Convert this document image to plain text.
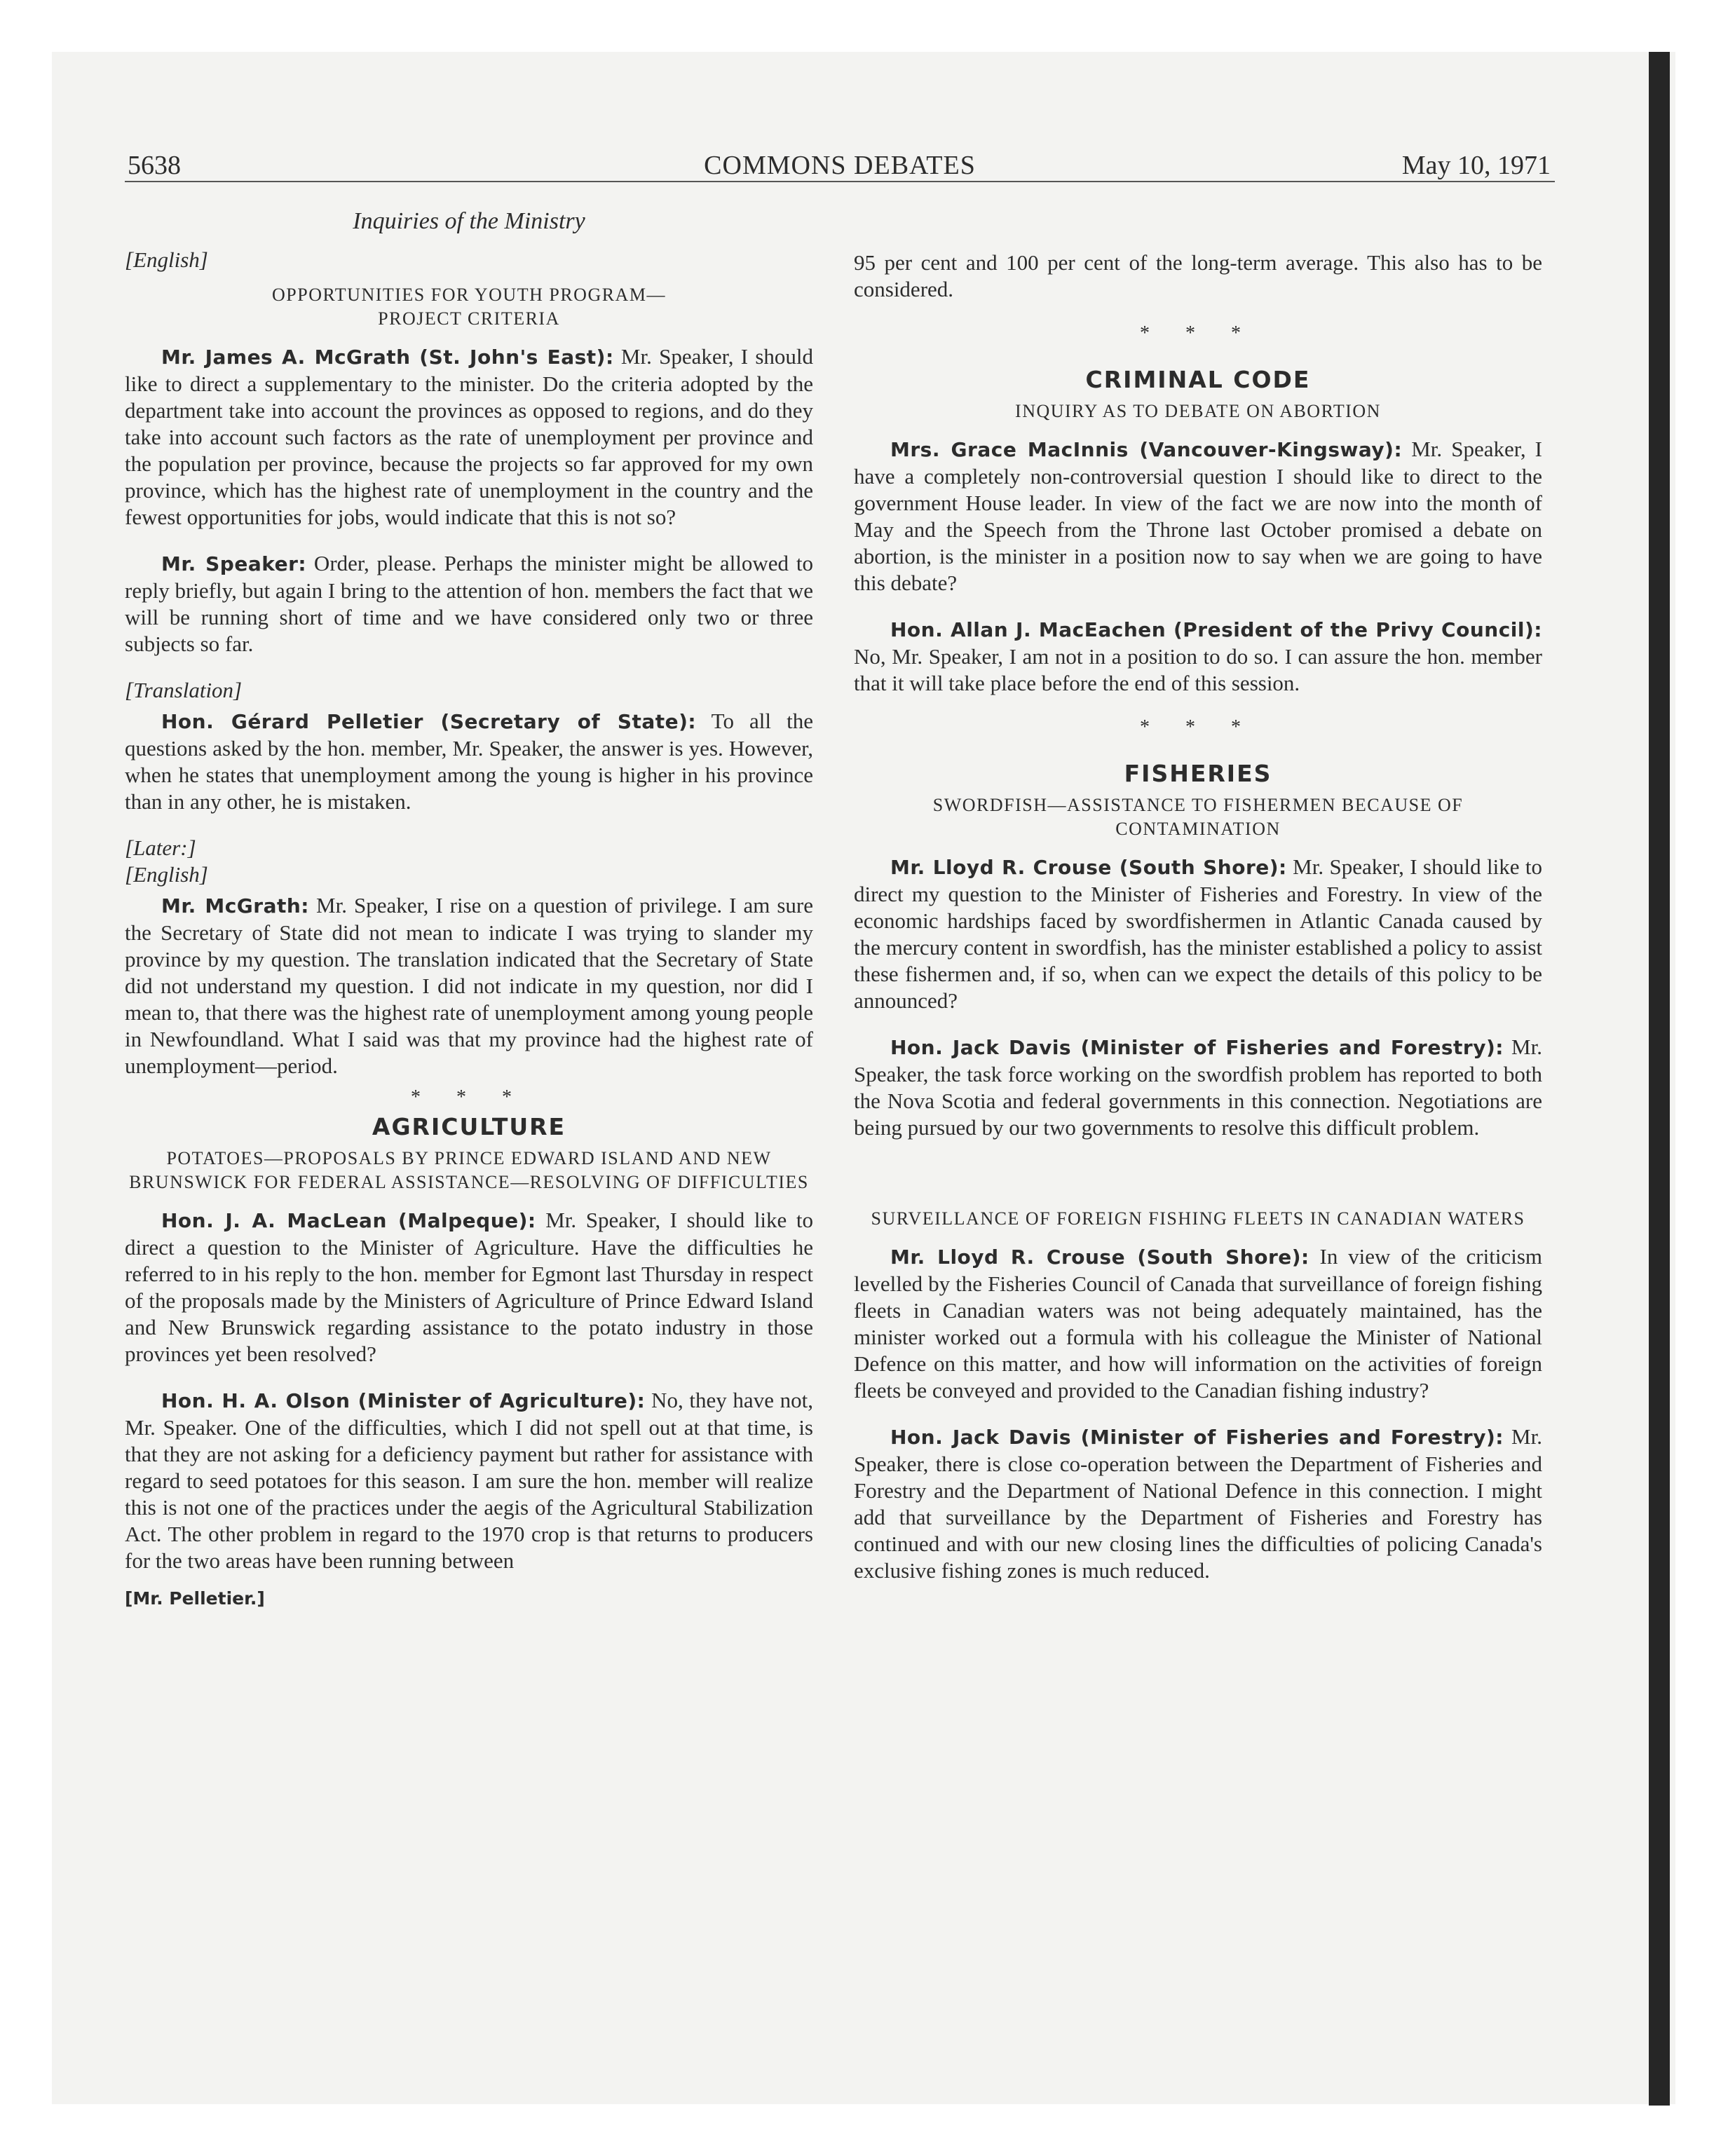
5638	COMMONS DEBATES	May 10, 1971
Inquiries of the Ministry
[English]
OPPORTUNITIES FOR YOUTH PROGRAM—
PROJECT CRITERIA

Mr. James A. McGrath (St. John's East): Mr. Speaker, I should like to direct a supplementary to the minister. Do the criteria adopted by the department take into account the provinces as opposed to regions, and do they take into account such factors as the rate of unemployment per province and the population per province, because the projects so far approved for my own province, which has the highest rate of unemployment in the country and the fewest opportunities for jobs, would indicate that this is not so?

Mr. Speaker: Order, please. Perhaps the minister might be allowed to reply briefly, but again I bring to the attention of hon. members the fact that we will be running short of time and we have considered only two or three subjects so far.

[Translation]

Hon. Gérard Pelletier (Secretary of State): To all the questions asked by the hon. member, Mr. Speaker, the answer is yes. However, when he states that unemployment among the young is higher in his province than in any other, he is mistaken.

[Later:]
[English]

Mr. McGrath: Mr. Speaker, I rise on a question of privilege. I am sure the Secretary of State did not mean to indicate I was trying to slander my province by my question. The translation indicated that the Secretary of State did not understand my question. I did not indicate in my question, nor did I mean to, that there was the highest rate of unemployment among young people in Newfoundland. What I said was that my province had the highest rate of unemployment—period.

* * *
AGRICULTURE
POTATOES—PROPOSALS BY PRINCE EDWARD ISLAND AND NEW BRUNSWICK FOR FEDERAL ASSISTANCE—RESOLVING OF DIFFICULTIES

Hon. J. A. MacLean (Malpeque): Mr. Speaker, I should like to direct a question to the Minister of Agriculture. Have the difficulties he referred to in his reply to the hon. member for Egmont last Thursday in respect of the proposals made by the Ministers of Agriculture of Prince Edward Island and New Brunswick regarding assistance to the potato industry in those provinces yet been resolved?

Hon. H. A. Olson (Minister of Agriculture): No, they have not, Mr. Speaker. One of the difficulties, which I did not spell out at that time, is that they are not asking for a deficiency payment but rather for assistance with regard to seed potatoes for this season. I am sure the hon. member will realize this is not one of the practices under the aegis of the Agricultural Stabilization Act. The other problem in regard to the 1970 crop is that returns to producers for the two areas have been running between

[Mr. Pelletier.]

95 per cent and 100 per cent of the long-term average. This also has to be considered.

* * *
CRIMINAL CODE
INQUIRY AS TO DEBATE ON ABORTION

Mrs. Grace MacInnis (Vancouver-Kingsway): Mr. Speaker, I have a completely non-controversial question I should like to direct to the government House leader. In view of the fact we are now into the month of May and the Speech from the Throne last October promised a debate on abortion, is the minister in a position now to say when we are going to have this debate?

Hon. Allan J. MacEachen (President of the Privy Council): No, Mr. Speaker, I am not in a position to do so. I can assure the hon. member that it will take place before the end of this session.

* * *
FISHERIES
SWORDFISH—ASSISTANCE TO FISHERMEN BECAUSE OF CONTAMINATION

Mr. Lloyd R. Crouse (South Shore): Mr. Speaker, I should like to direct my question to the Minister of Fisheries and Forestry. In view of the economic hardships faced by swordfishermen in Atlantic Canada caused by the mercury content in swordfish, has the minister established a policy to assist these fishermen and, if so, when can we expect the details of this policy to be announced?

Hon. Jack Davis (Minister of Fisheries and Forestry): Mr. Speaker, the task force working on the swordfish problem has reported to both the Nova Scotia and federal governments in this connection. Negotiations are being pursued by our two governments to resolve this difficult problem.

SURVEILLANCE OF FOREIGN FISHING FLEETS IN CANADIAN WATERS

Mr. Lloyd R. Crouse (South Shore): In view of the criticism levelled by the Fisheries Council of Canada that surveillance of foreign fishing fleets in Canadian waters was not being adequately maintained, has the minister worked out a formula with his colleague the Minister of National Defence on this matter, and how will information on the activities of foreign fleets be conveyed and provided to the Canadian fishing industry?

Hon. Jack Davis (Minister of Fisheries and Forestry): Mr. Speaker, there is close co-operation between the Department of Fisheries and Forestry and the Department of National Defence in this connection. I might add that surveillance by the Department of Fisheries and Forestry has continued and with our new closing lines the difficulties of policing Canada's exclusive fishing zones is much reduced.
